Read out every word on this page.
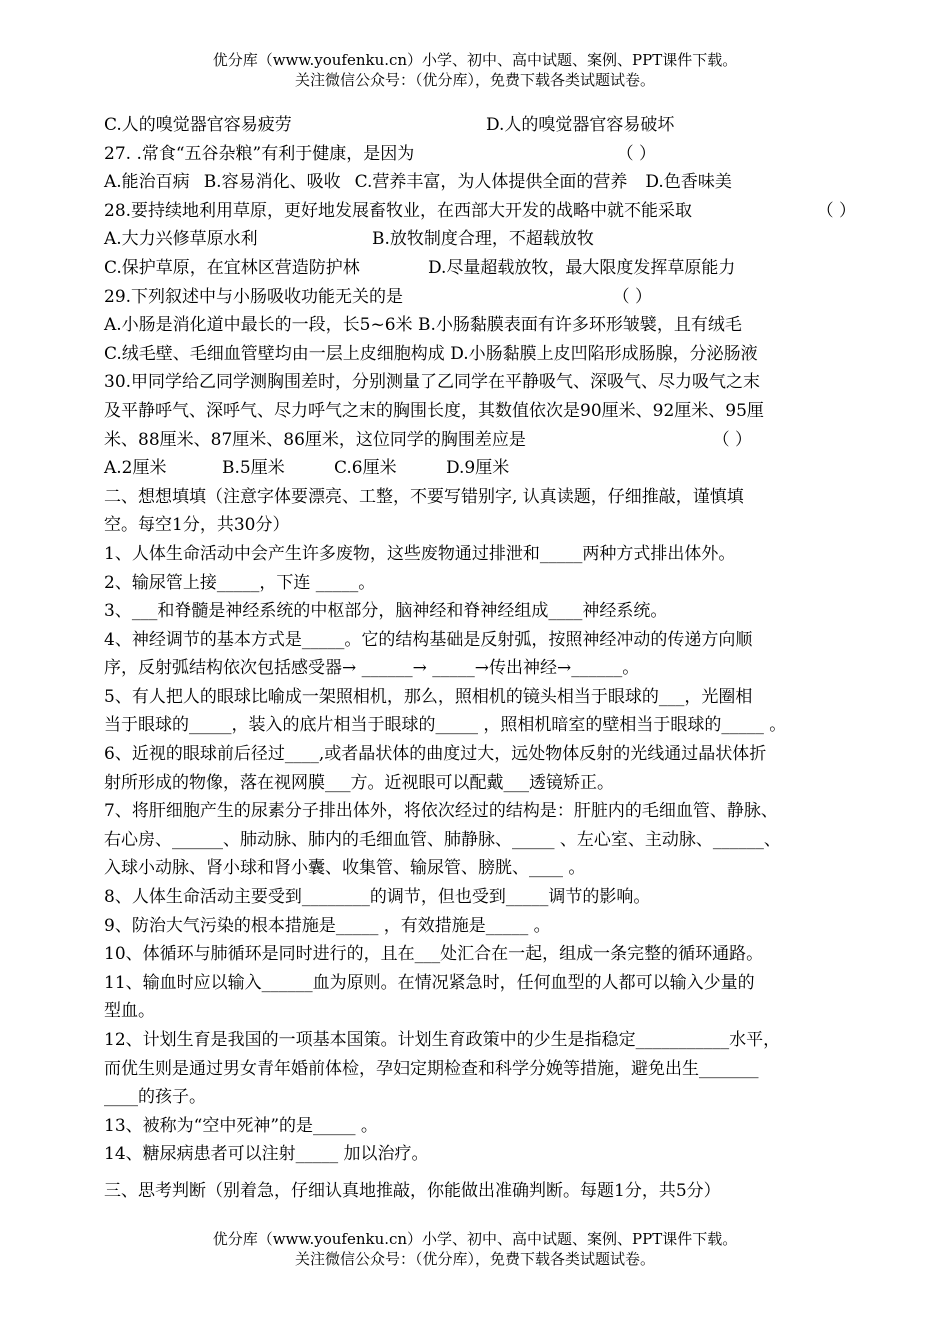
优分库（www.youfenku.cn）小学、初中、高中试题、案例、PPT课件下载。
关注微信公众号：（优分库），免费下载各类试题试卷。
C.人的嗅觉器官容易疲劳	D.人的嗅觉器官容易破坏
27. .常食“五谷杂粮”有利于健康，是因为	（ ）
A.能治百病 B.容易消化、吸收 C.营养丰富，为人体提供全面的营养 D.色香味美
28.要持续地利用草原，更好地发展畜牧业，在西部大开发的战略中就不能采取	（ ）
A.大力兴修草原水利	B.放牧制度合理，不超载放牧
C.保护草原，在宜林区营造防护林	D.尽量超载放牧，最大限度发挥草原能力
29.下列叙述中与小肠吸收功能无关的是	（ ）
A.小肠是消化道中最长的一段，长5~6米 B.小肠黏膜表面有许多环形皱襞，且有绒毛
C.绒毛壁、毛细血管壁均由一层上皮细胞构成 D.小肠黏膜上皮凹陷形成肠腺，分泌肠液
30.甲同学给乙同学测胸围差时，分别测量了乙同学在平静吸气、深吸气、尽力吸气之末
及平静呼气、深呼气、尽力呼气之末的胸围长度，其数值依次是90厘米、92厘米、95厘
米、88厘米、87厘米、86厘米，这位同学的胸围差应是	（ ）
A.2厘米	B.5厘米	C.6厘米	D.9厘米
二、想想填填（注意字体要漂亮、工整，不要写错别字, 认真读题，仔细推敲，谨慎填
空。每空1分，共30分）
1、人体生命活动中会产生许多废物，这些废物通过排泄和_____两种方式排出体外。
2、输尿管上接_____，下连 _____。
3、___和脊髓是神经系统的中枢部分，脑神经和脊神经组成____神经系统。
4、神经调节的基本方式是_____。它的结构基础是反射弧，按照神经冲动的传递方向顺
序，反射弧结构依次包括感受器→ ______→ _____→传出神经→______。
5、有人把人的眼球比喻成一架照相机，那么，照相机的镜头相当于眼球的___，光圈相
当于眼球的_____，装入的底片相当于眼球的_____ ，照相机暗室的壁相当于眼球的_____ 。
6、近视的眼球前后径过____,或者晶状体的曲度过大，远处物体反射的光线通过晶状体折
射所形成的物像，落在视网膜___方。近视眼可以配戴___透镜矫正。
7、将肝细胞产生的尿素分子排出体外，将依次经过的结构是：肝脏内的毛细血管、静脉、
右心房、______、肺动脉、肺内的毛细血管、肺静脉、_____ 、左心室、主动脉、______、
入球小动脉、肾小球和肾小囊、收集管、输尿管、膀胱、____ 。
8、人体生命活动主要受到________的调节，但也受到_____调节的影响。
9、防治大气污染的根本措施是_____ ，有效措施是_____ 。
10、体循环与肺循环是同时进行的，且在___处汇合在一起，组成一条完整的循环通路。
11、输血时应以输入______血为原则。在情况紧急时，任何血型的人都可以输入少量的
型血。
12、计划生育是我国的一项基本国策。计划生育政策中的少生是指稳定___________水平，
而优生则是通过男女青年婚前体检，孕妇定期检查和科学分娩等措施，避免出生_______
____的孩子。
13、被称为“空中死神”的是_____ 。
14、糖尿病患者可以注射_____ 加以治疗。
三、思考判断（别着急，仔细认真地推敲，你能做出准确判断。每题1分，共5分）
优分库（www.youfenku.cn）小学、初中、高中试题、案例、PPT课件下载。
关注微信公众号：（优分库），免费下载各类试题试卷。
